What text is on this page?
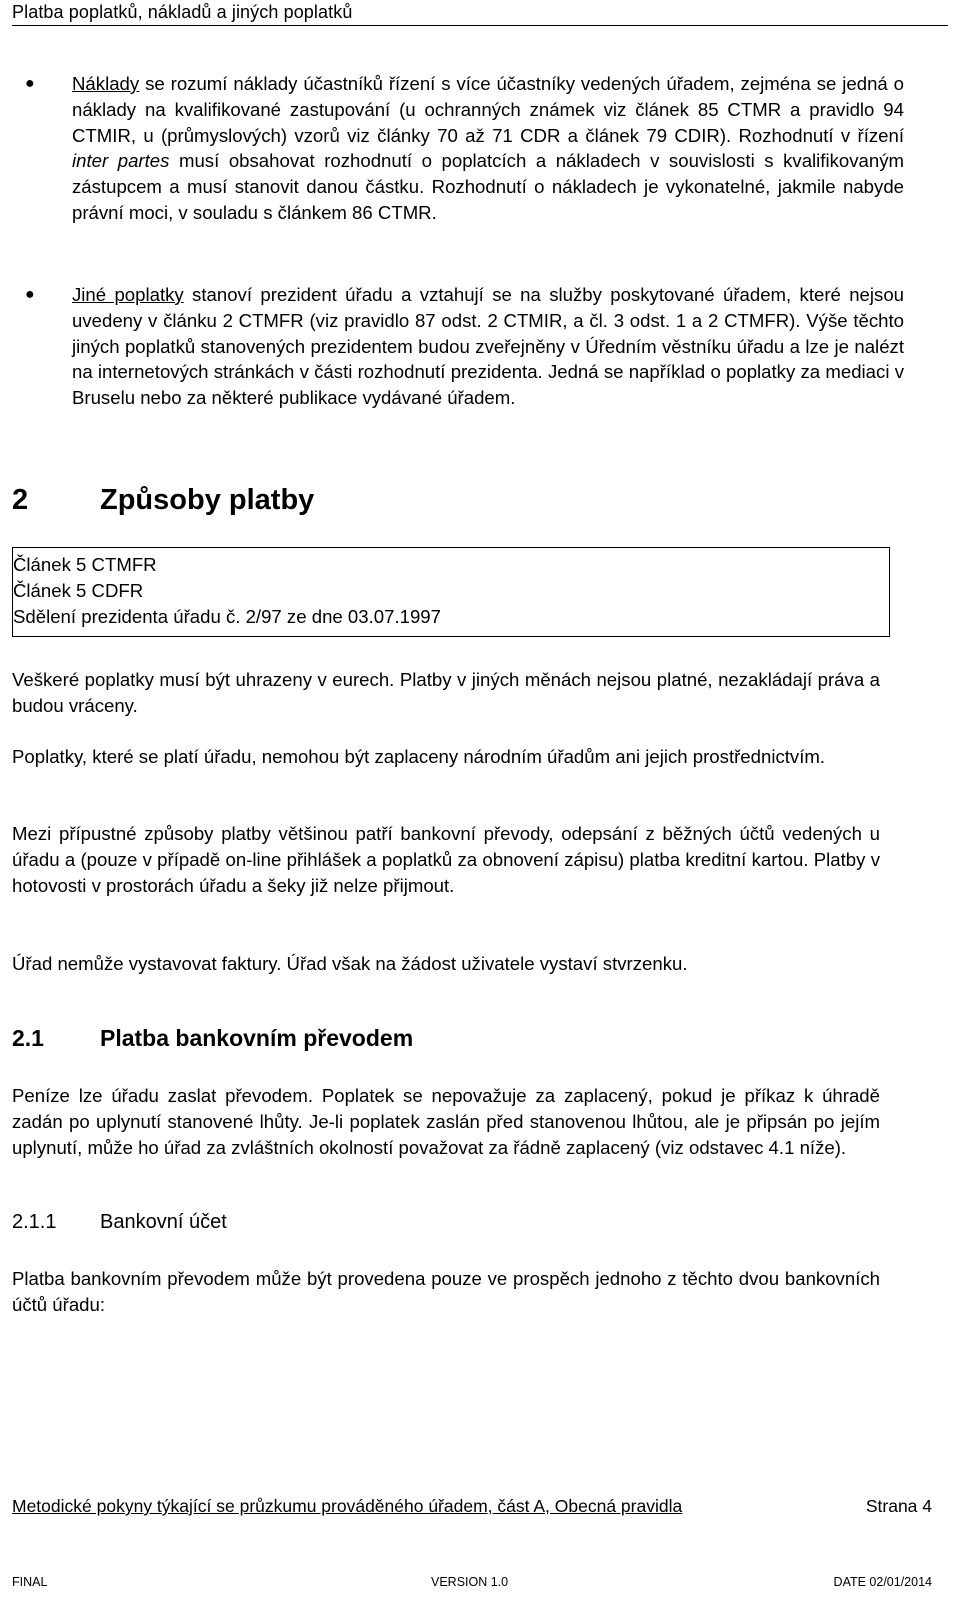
Platba poplatků, nákladů a jiných poplatků
● Náklady se rozumí náklady účastníků řízení s více účastníky vedených úřadem, zejména se jedná o náklady na kvalifikované zastupování (u ochranných známek viz článek 85 CTMR a pravidlo 94 CTMIR, u (průmyslových) vzorů viz články 70 až 71 CDR a článek 79 CDIR). Rozhodnutí v řízení inter partes musí obsahovat rozhodnutí o poplatcích a nákladech v souvislosti s kvalifikovaným zástupcem a musí stanovit danou částku. Rozhodnutí o nákladech je vykonatelné, jakmile nabyde právní moci, v souladu s článkem 86 CTMR.
● Jiné poplatky stanoví prezident úřadu a vztahují se na služby poskytované úřadem, které nejsou uvedeny v článku 2 CTMFR (viz pravidlo 87 odst. 2 CTMIR, a čl. 3 odst. 1 a 2 CTMFR). Výše těchto jiných poplatků stanovených prezidentem budou zveřejněny v Úředním věstníku úřadu a lze je nalézt na internetových stránkách v části rozhodnutí prezidenta. Jedná se například o poplatky za mediaci v Bruselu nebo za některé publikace vydávané úřadem.
2 Způsoby platby
Článek 5 CTMFR
Článek 5 CDFR
Sdělení prezidenta úřadu č. 2/97 ze dne 03.07.1997
Veškeré poplatky musí být uhrazeny v eurech. Platby v jiných měnách nejsou platné, nezakládají práva a budou vráceny.
Poplatky, které se platí úřadu, nemohou být zaplaceny národním úřadům ani jejich prostřednictvím.
Mezi přípustné způsoby platby většinou patří bankovní převody, odepsání z běžných účtů vedených u úřadu a (pouze v případě on-line přihlášek a poplatků za obnovení zápisu) platba kreditní kartou. Platby v hotovosti v prostorách úřadu a šeky již nelze přijmout.
Úřad nemůže vystavovat faktury. Úřad však na žádost uživatele vystaví stvrzenku.
2.1 Platba bankovním převodem
Peníze lze úřadu zaslat převodem. Poplatek se nepovažuje za zaplacený, pokud je příkaz k úhradě zadán po uplynutí stanovené lhůty. Je-li poplatek zaslán před stanovenou lhůtou, ale je připsán po jejím uplynutí, může ho úřad za zvláštních okolností považovat za řádně zaplacený (viz odstavec 4.1 níže).
2.1.1 Bankovní účet
Platba bankovním převodem může být provedena pouze ve prospěch jednoho z těchto dvou bankovních účtů úřadu:
Metodické pokyny týkající se průzkumu prováděného úřadem, část A, Obecná pravidla	Strana 4
FINAL	VERSION 1.0	DATE 02/01/2014
